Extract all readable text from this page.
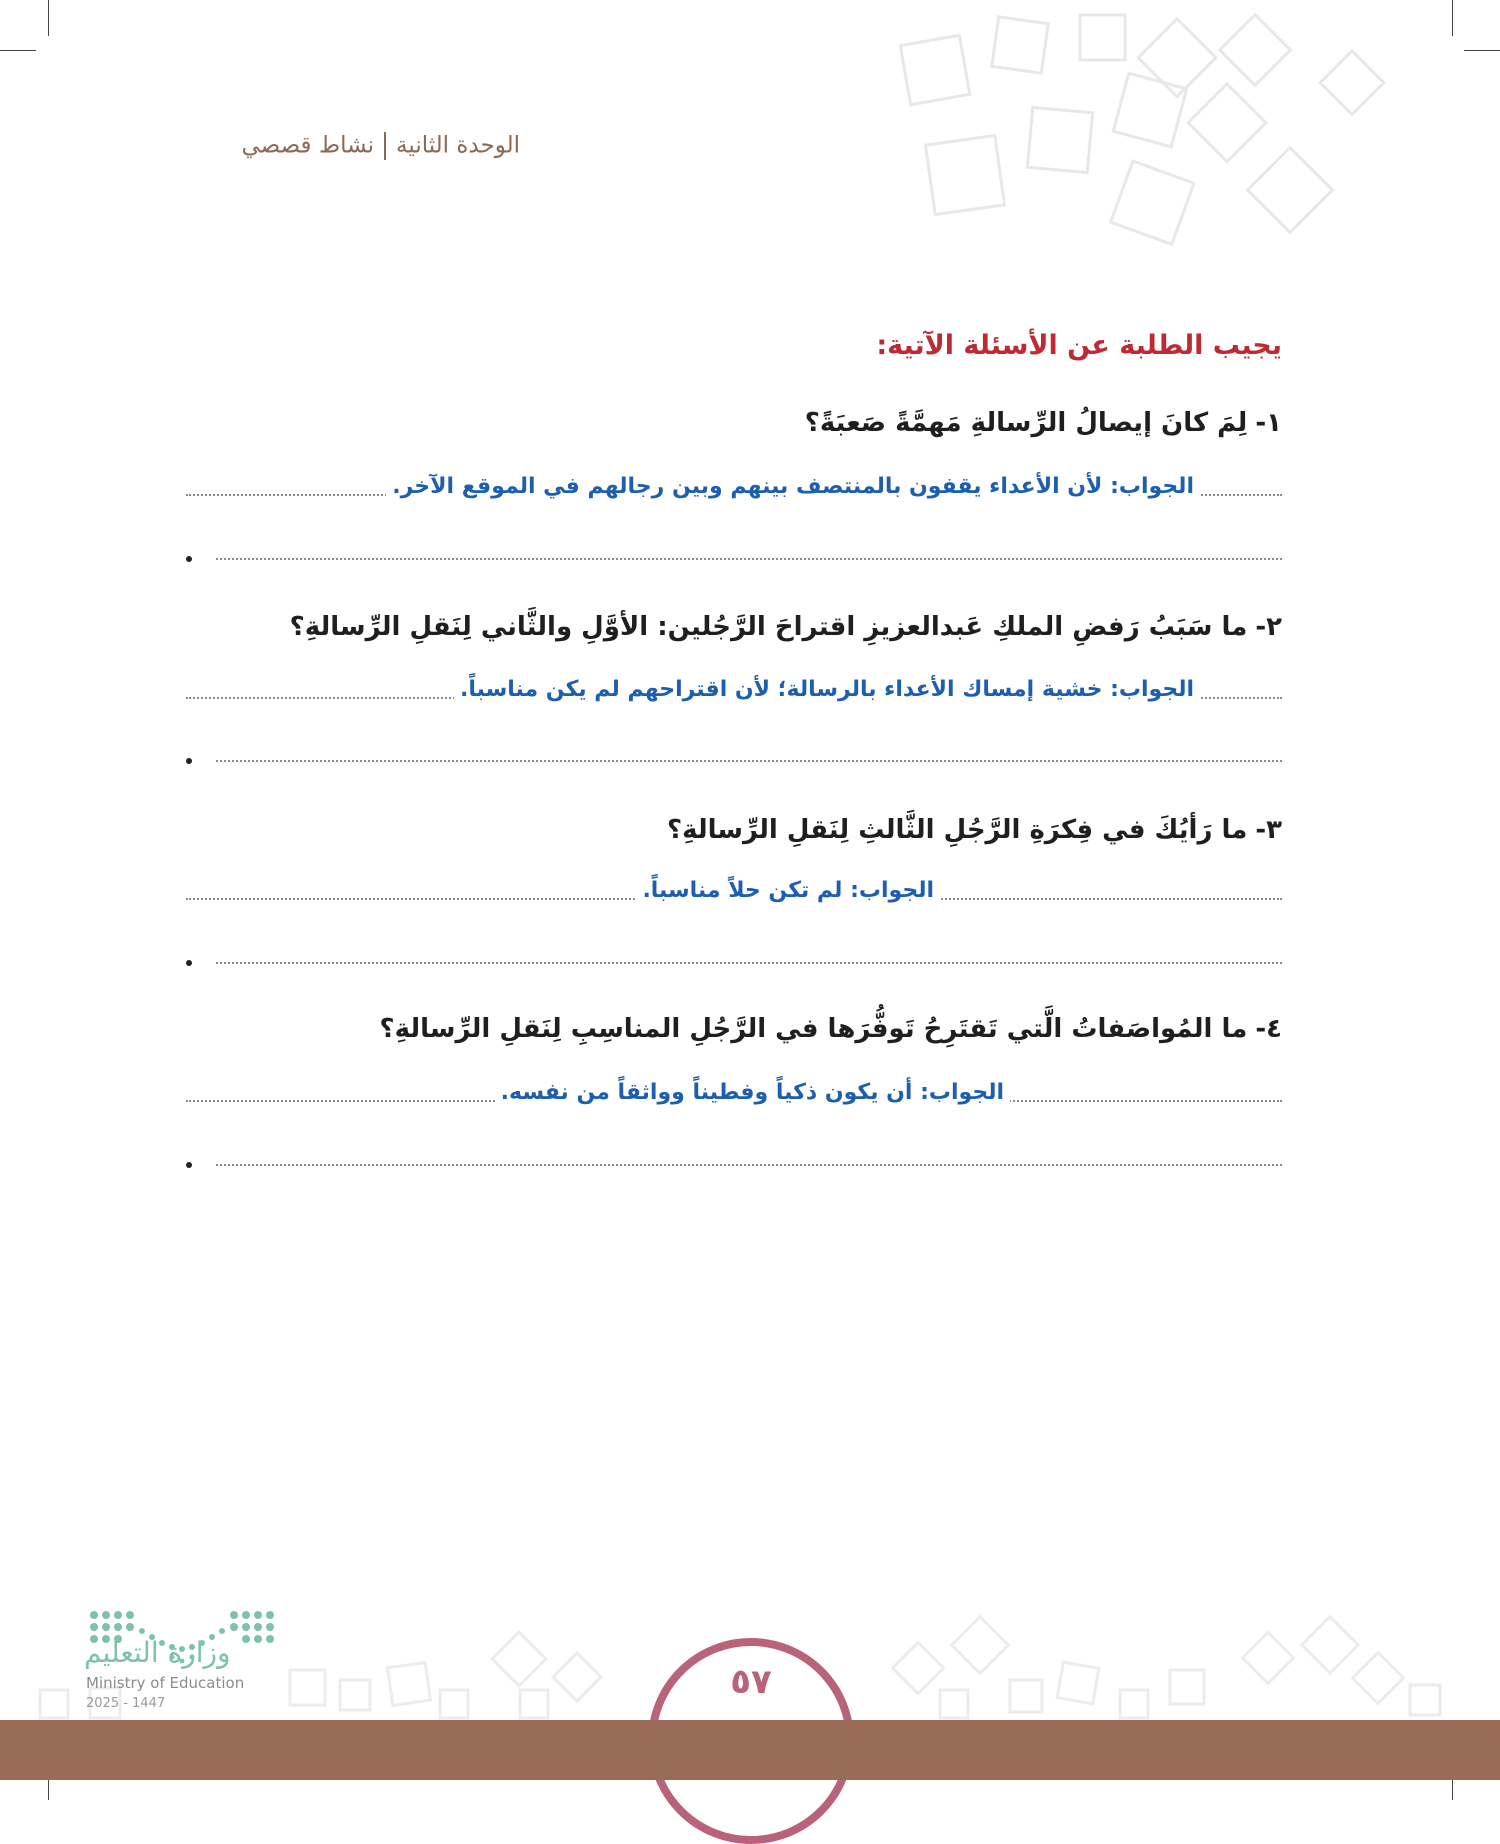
الوحدة الثانيةنشاط قصصي
يجيب الطلبة عن الأسئلة الآتية:
١-لِمَ كانَ إيصالُ الرِّسالةِ مَهمَّةً صَعبَةً؟
الجواب: لأن الأعداء يقفون بالمنتصف بينهم وبين رجالهم في الموقع الآخر.
٢-ما سَبَبُ رَفضِ الملكِ عَبدالعزيزِ اقتراحَ الرَّجُلين: الأوَّلِ والثَّاني لِنَقلِ الرِّسالةِ؟
الجواب: خشية إمساك الأعداء بالرسالة؛ لأن اقتراحهم لم يكن مناسباً.
٣-ما رَأيُكَ في فِكرَةِ الرَّجُلِ الثَّالثِ لِنَقلِ الرِّسالةِ؟
الجواب: لم تكن حلاً مناسباً.
٤-ما المُواصَفاتُ الَّتي تَقتَرِحُ تَوفُّرَها في الرَّجُلِ المناسِبِ لِنَقلِ الرِّسالةِ؟
الجواب: أن يكون ذكياً وفطيناً وواثقاً من نفسه.
وزارة التعليم
Ministry of Education
2025 - 1447
٥٧
